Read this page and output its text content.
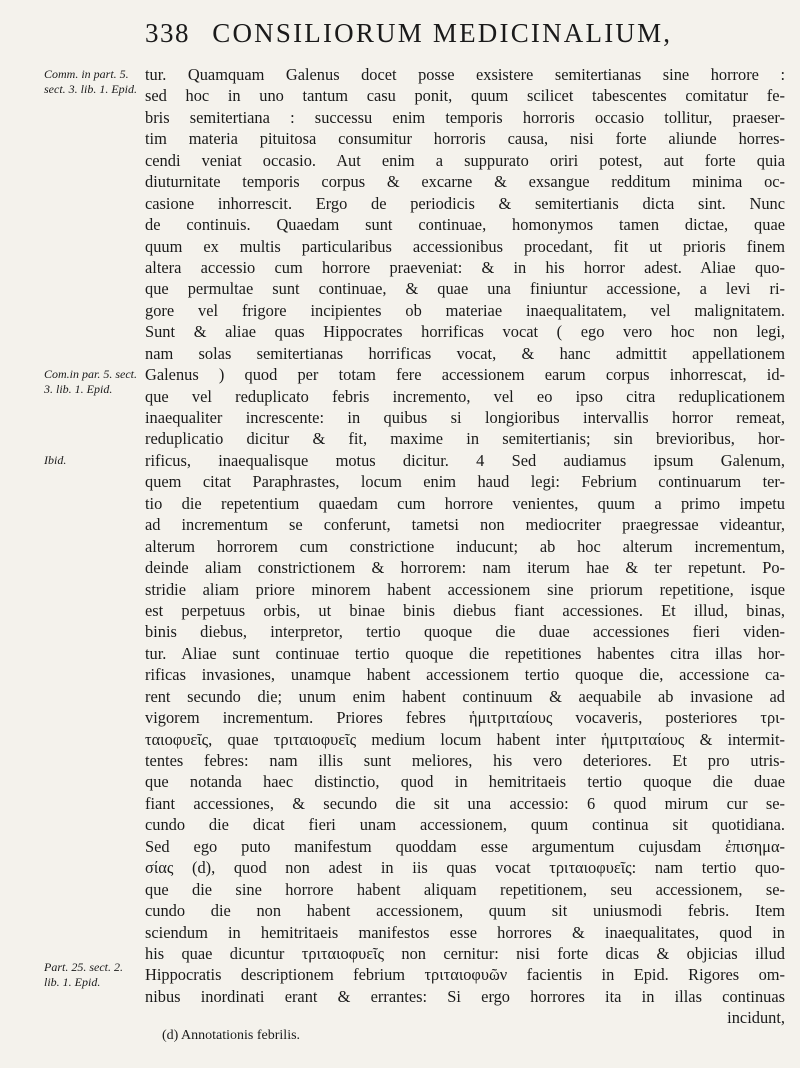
338 CONSILIORUM MEDICINALIUM,
Comm. in part. 5. sect. 3. lib. 1. Epid.
Com.in par. 5. sect. 3. lib. 1. Epid.
Ibid.
Part. 25. sect. 2. lib. 1. Epid.
tur. Quamquam Galenus docet posse exsistere semitertianas sine horrore :
sed hoc in uno tantum casu ponit, quum scilicet tabescentes comitatur fe-
bris semitertiana : successu enim temporis horroris occasio tollitur, praeser-
tim materia pituitosa consumitur horroris causa, nisi forte aliunde horres-
cendi veniat occasio. Aut enim a suppurato oriri potest, aut forte quia
diuturnitate temporis corpus & excarne & exsangue redditum minima oc-
casione inhorrescit. Ergo de periodicis & semitertianis dicta sint. Nunc
de continuis. Quaedam sunt continuae, homonymos tamen dictae, quae
quum ex multis particularibus accessionibus procedant, fit ut prioris finem
altera accessio cum horrore praeveniat: & in his horror adest. Aliae quo-
que permultae sunt continuae, & quae una finiuntur accessione, a levi ri-
gore vel frigore incipientes ob materiae inaequalitatem, vel malignitatem.
Sunt & aliae quas Hippocrates horrificas vocat ( ego vero hoc non legi,
nam solas semitertianas horrificas vocat, & hanc admittit appellationem
Galenus ) quod per totam fere accessionem earum corpus inhorrescat, id-
que vel reduplicato febris incremento, vel eo ipso citra reduplicationem
inaequaliter increscente: in quibus si longioribus intervallis horror remeat,
reduplicatio dicitur & fit, maxime in semitertianis; sin brevioribus, hor-
rificus, inaequalisque motus dicitur. 4 Sed audiamus ipsum Galenum,
quem citat Paraphrastes, locum enim haud legi: Febrium continuarum ter-
tio die repetentium quaedam cum horrore venientes, quum a primo impetu
ad incrementum se conferunt, tametsi non mediocriter praegressae videantur,
alterum horrorem cum constrictione inducunt; ab hoc alterum incrementum,
deinde aliam constrictionem & horrorem: nam iterum hae & ter repetunt. Po-
stridie aliam priore minorem habent accessionem sine priorum repetitione, isque
est perpetuus orbis, ut binae binis diebus fiant accessiones. Et illud, binas,
binis diebus, interpretor, tertio quoque die duae accessiones fieri viden-
tur. Aliae sunt continuae tertio quoque die repetitiones habentes citra illas hor-
rificas invasiones, unamque habent accessionem tertio quoque die, accessione ca-
rent secundo die; unum enim habent continuum & aequabile ab invasione ad
vigorem incrementum. Priores febres ἡμιτριταίους vocaveris, posteriores τρι-
ταιοφυεῖς, quae τριταιοφυεῖς medium locum habent inter ἡμιτριταίους & intermit-
tentes febres: nam illis sunt meliores, his vero deteriores. Et pro utris-
que notanda haec distinctio, quod in hemitritaeis tertio quoque die duae
fiant accessiones, & secundo die sit una accessio: 6 quod mirum cur se-
cundo die dicat fieri unam accessionem, quum continua sit quotidiana.
Sed ego puto manifestum quoddam esse argumentum cujusdam ἐπισημα-
σίας (d), quod non adest in iis quas vocat τριταιοφυεῖς: nam tertio quo-
que die sine horrore habent aliquam repetitionem, seu accessionem, se-
cundo die non habent accessionem, quum sit uniusmodi febris. Item
sciendum in hemitritaeis manifestos esse horrores & inaequalitates, quod in
his quae dicuntur τριταιοφυεῖς non cernitur: nisi forte dicas & objicias illud
Hippocratis descriptionem febrium τριταιοφυῶν facientis in Epid. Rigores om-
nibus inordinati erant & errantes: Si ergo horrores ita in illas continuas
incidunt,
(d) Annotationis febrilis.
